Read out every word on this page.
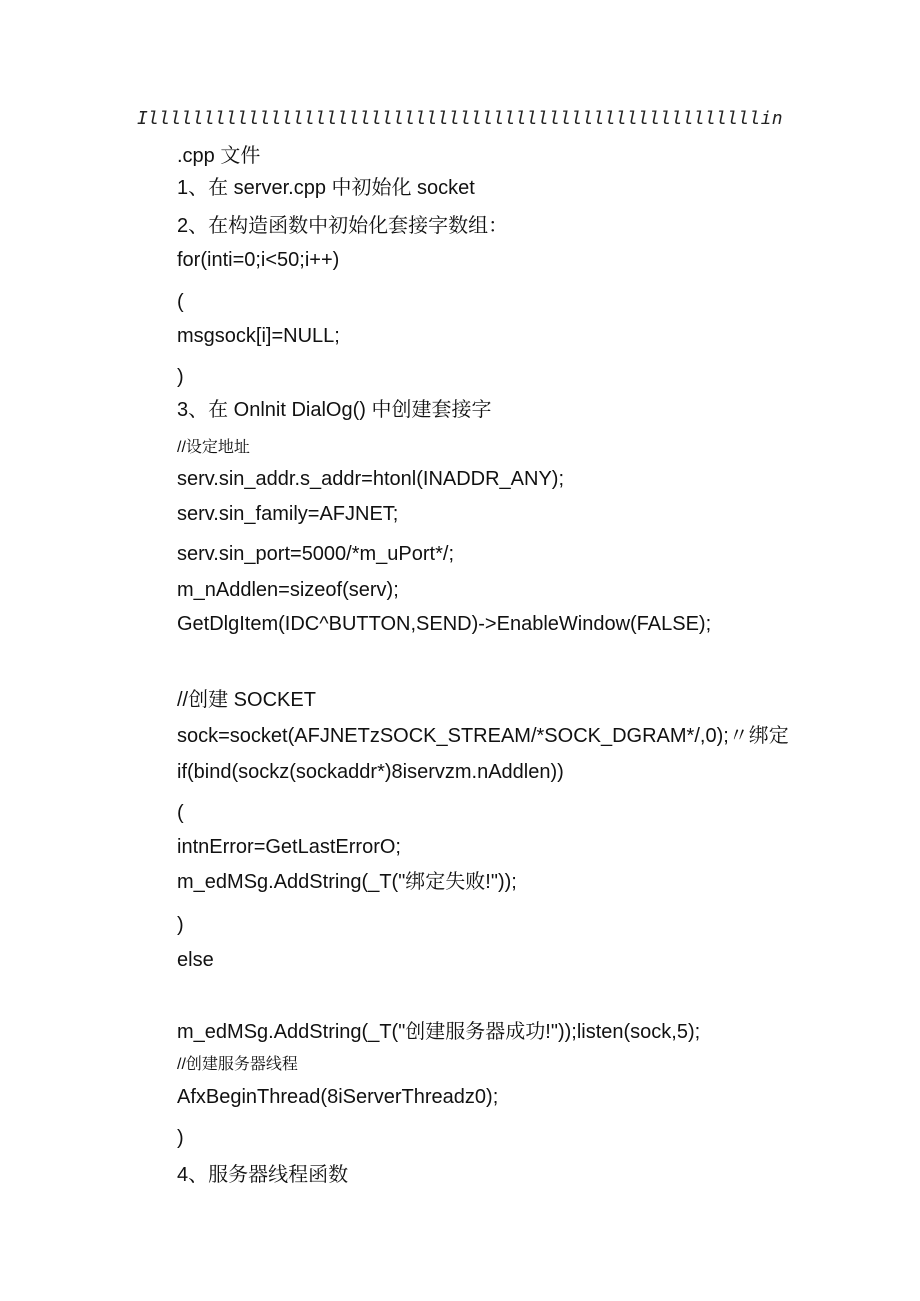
Illlllllllllllllllllllllllllllllllllllllllllllllllllllllin
.cpp 文件
1、在 server.cpp 中初始化 socket
2、在构造函数中初始化套接字数组：
for(inti=0;i<50;i++)
(
msgsock[i]=NULL;
)
3、在 Onlnit DialOg() 中创建套接字
//设定地址
serv.sin_addr.s_addr=htonl(INADDR_ANY);
serv.sin_family=AFJNET;
serv.sin_port=5000/*m_uPort*/;
m_nAddlen=sizeof(serv);
GetDlgItem(IDC^BUTTON,SEND)->EnableWindow(FALSE);
//创建 SOCKET
sock=socket(AFJNETzSOCK_STREAM/*SOCK_DGRAM*/,0);〃绑定
if(bind(sockz(sockaddr*)8iservzm.nAddlen))
(
intnError=GetLastErrorO;
m_edMSg.AddString(_T("绑定失败!"));
)
else
m_edMSg.AddString(_T("创建服务器成功!"));listen(sock,5);
//创建服务器线程
AfxBeginThread(8iServerThreadz0);
)
4、服务器线程函数
